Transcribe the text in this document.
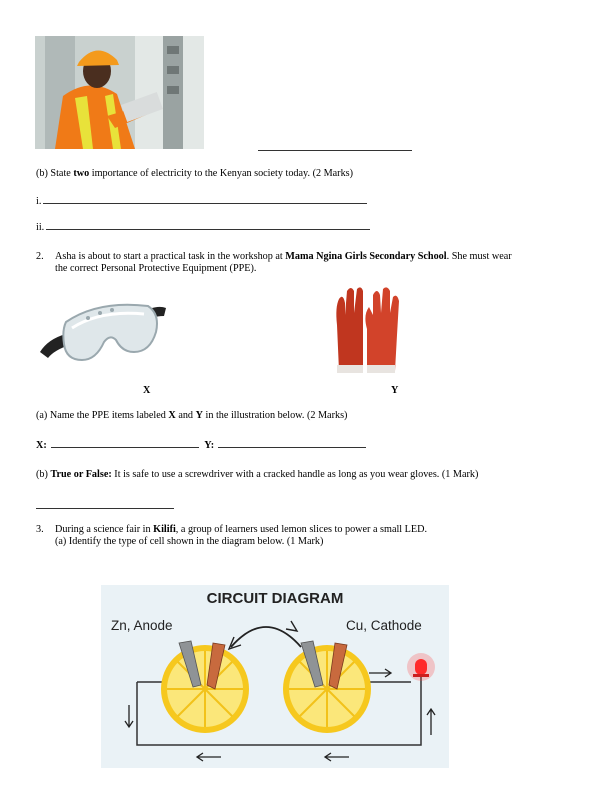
(b) State two importance of electricity to the Kenyan society today. (2 Marks)
i.
ii.
2. Asha is about to start a practical task in the workshop at Mama Ngina Girls Secondary School. She must wear
the correct Personal Protective Equipment (PPE).
X	Y
(a) Name the PPE items labeled X and Y in the illustration below. (2 Marks)
X:	Y:
(b) True or False: It is safe to use a screwdriver with a cracked handle as long as you wear gloves. (1 Mark)
3. During a science fair in Kilifi, a group of learners used lemon slices to power a small LED.
(a) Identify the type of cell shown in the diagram below. (1 Mark)
CIRCUIT DIAGRAM
Zn, Anode	Cu, Cathode
